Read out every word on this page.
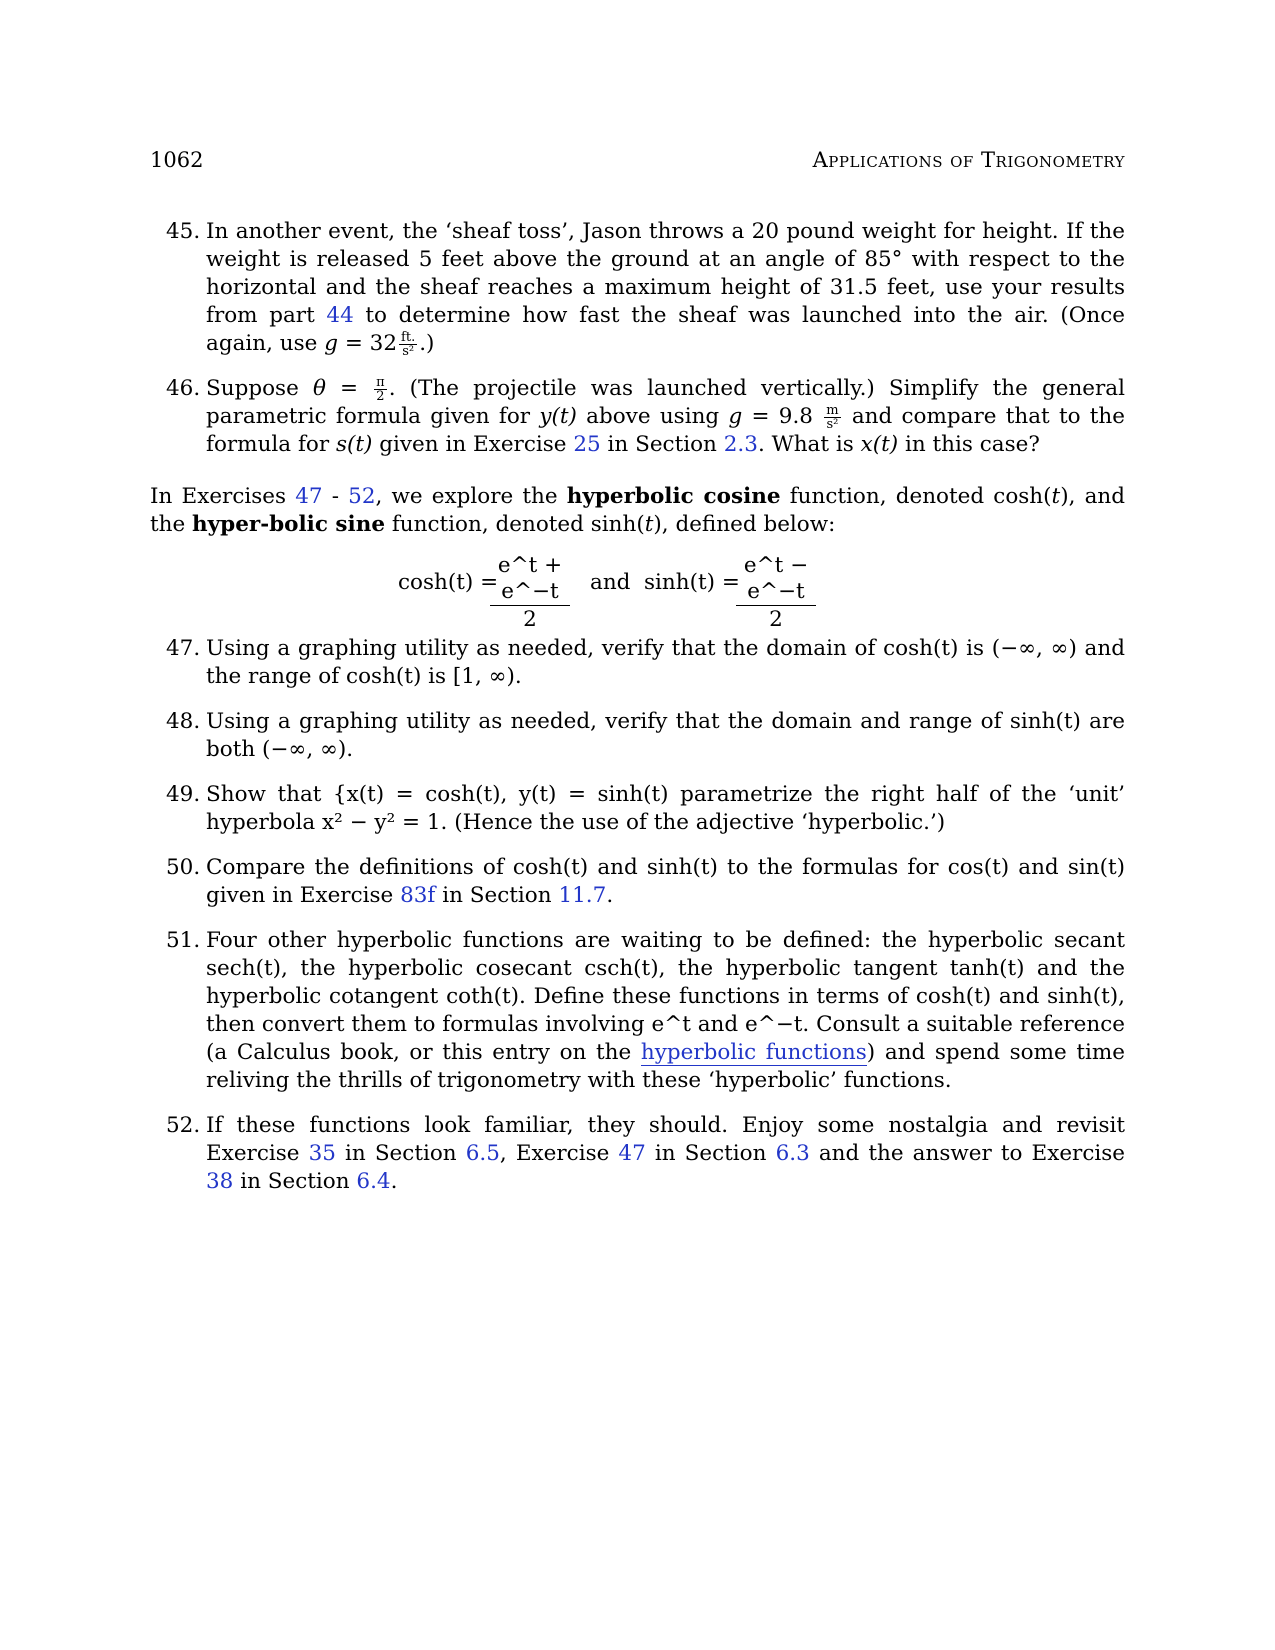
1062	Applications of Trigonometry
45. In another event, the ‘sheaf toss’, Jason throws a 20 pound weight for height. If the weight is released 5 feet above the ground at an angle of 85° with respect to the horizontal and the sheaf reaches a maximum height of 31.5 feet, use your results from part 44 to determine how fast the sheaf was launched into the air. (Once again, use $g = 32 \frac{ft.}{\text{s²}}$ .)
46. Suppose $\theta = \frac{\pi}{2}$ . (The projectile was launched vertically.) Simplify the general parametric formula given for y(t) above using $g = 9.8 \frac{m}{\text{s²}}$ and compare that to the formula for s(t) given in Exercise 25 in Section 2.3. What is x(t) in this case?
In Exercises 47 - 52, we explore the hyperbolic cosine function, denoted cosh(t), and the hyper-bolic sine function, denoted sinh(t), defined below:
cosh(t) =
$\frac{e\^{}t + e\^{}-t}{2}$ and sinh(t) =
$\frac{e\^{}t - e\^{}-t}{2}$
47. Using a graphing utility as needed, verify that the domain of cosh(t) is (−∞, ∞) and the range of cosh(t) is [1, ∞).
48. Using a graphing utility as needed, verify that the domain and range of sinh(t) are both (−∞, ∞).
49. Show that {x(t) = cosh(t), y(t) = sinh(t) parametrize the right half of the ‘unit’ hyperbola x² − y² = 1. (Hence the use of the adjective ‘hyperbolic.’)
50. Compare the definitions of cosh(t) and sinh(t) to the formulas for cos(t) and sin(t) given in Exercise 83f in Section 11.7.
51. Four other hyperbolic functions are waiting to be defined: the hyperbolic secant sech(t), the hyperbolic cosecant csch(t), the hyperbolic tangent tanh(t) and the hyperbolic cotangent coth(t). Define these functions in terms of cosh(t) and sinh(t), then convert them to formulas involving e^t and e^−t. Consult a suitable reference (a Calculus book, or this entry on the hyperbolic functions) and spend some time reliving the thrills of trigonometry with these ‘hyperbolic’ functions.
52. If these functions look familiar, they should. Enjoy some nostalgia and revisit Exercise 35 in Section 6.5, Exercise 47 in Section 6.3 and the answer to Exercise 38 in Section 6.4.
